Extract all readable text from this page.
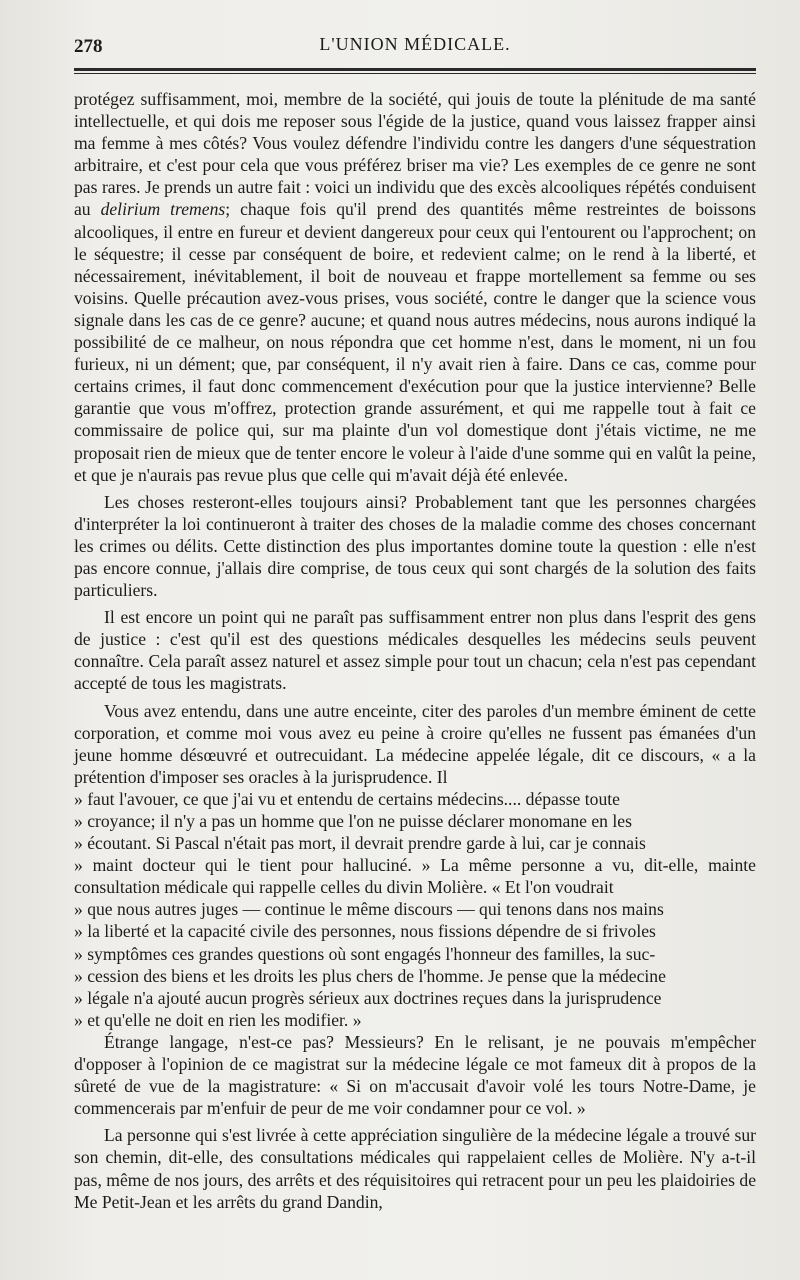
278	L'UNION MÉDICALE.

protégez suffisamment, moi, membre de la société, qui jouis de toute la plénitude de ma santé intellectuelle, et qui dois me reposer sous l'égide de la justice, quand vous laissez frapper ainsi ma femme à mes côtés? Vous voulez défendre l'individu contre les dangers d'une séquestration arbitraire, et c'est pour cela que vous préférez briser ma vie? Les exemples de ce genre ne sont pas rares. Je prends un autre fait : voici un individu que des excès alcooliques répétés conduisent au delirium tremens; chaque fois qu'il prend des quantités même restreintes de boissons alcooliques, il entre en fureur et devient dangereux pour ceux qui l'entourent ou l'approchent; on le séquestre; il cesse par conséquent de boire, et redevient calme; on le rend à la liberté, et nécessairement, inévitablement, il boit de nouveau et frappe mortellement sa femme ou ses voisins. Quelle précaution avez-vous prises, vous société, contre le danger que la science vous signale dans les cas de ce genre? aucune; et quand nous autres médecins, nous aurons indiqué la possibilité de ce malheur, on nous répondra que cet homme n'est, dans le moment, ni un fou furieux, ni un dément; que, par conséquent, il n'y avait rien à faire. Dans ce cas, comme pour certains crimes, il faut donc commencement d'exécution pour que la justice intervienne? Belle garantie que vous m'offrez, protection grande assurément, et qui me rappelle tout à fait ce commissaire de police qui, sur ma plainte d'un vol domestique dont j'étais victime, ne me proposait rien de mieux que de tenter encore le voleur à l'aide d'une somme qui en valût la peine, et que je n'aurais pas revue plus que celle qui m'avait déjà été enlevée.

Les choses resteront-elles toujours ainsi? Probablement tant que les personnes chargées d'interpréter la loi continueront à traiter des choses de la maladie comme des choses concernant les crimes ou délits. Cette distinction des plus importantes domine toute la question : elle n'est pas encore connue, j'allais dire comprise, de tous ceux qui sont chargés de la solution des faits particuliers.

Il est encore un point qui ne paraît pas suffisamment entrer non plus dans l'esprit des gens de justice : c'est qu'il est des questions médicales desquelles les médecins seuls peuvent connaître. Cela paraît assez naturel et assez simple pour tout un chacun; cela n'est pas cependant accepté de tous les magistrats.

Vous avez entendu, dans une autre enceinte, citer des paroles d'un membre éminent de cette corporation, et comme moi vous avez eu peine à croire qu'elles ne fussent pas émanées d'un jeune homme désœuvré et outrecuidant. La médecine appelée légale, dit ce discours, « a la prétention d'imposer ses oracles à la jurisprudence. Il

» faut l'avouer, ce que j'ai vu et entendu de certains médecins.... dépasse toute

» croyance; il n'y a pas un homme que l'on ne puisse déclarer monomane en les

» écoutant. Si Pascal n'était pas mort, il devrait prendre garde à lui, car je connais

» maint docteur qui le tient pour halluciné. » La même personne a vu, dit-elle, mainte consultation médicale qui rappelle celles du divin Molière. « Et l'on voudrait

» que nous autres juges — continue le même discours — qui tenons dans nos mains

» la liberté et la capacité civile des personnes, nous fissions dépendre de si frivoles

» symptômes ces grandes questions où sont engagés l'honneur des familles, la suc-

» cession des biens et les droits les plus chers de l'homme. Je pense que la médecine

» légale n'a ajouté aucun progrès sérieux aux doctrines reçues dans la jurisprudence

» et qu'elle ne doit en rien les modifier. »

Étrange langage, n'est-ce pas? Messieurs? En le relisant, je ne pouvais m'empêcher d'opposer à l'opinion de ce magistrat sur la médecine légale ce mot fameux dit à propos de la sûreté de vue de la magistrature: « Si on m'accusait d'avoir volé les tours Notre-Dame, je commencerais par m'enfuir de peur de me voir condamner pour ce vol. »

La personne qui s'est livrée à cette appréciation singulière de la médecine légale a trouvé sur son chemin, dit-elle, des consultations médicales qui rappelaient celles de Molière. N'y a-t-il pas, même de nos jours, des arrêts et des réquisitoires qui retracent pour un peu les plaidoiries de Me Petit-Jean et les arrêts du grand Dandin,
